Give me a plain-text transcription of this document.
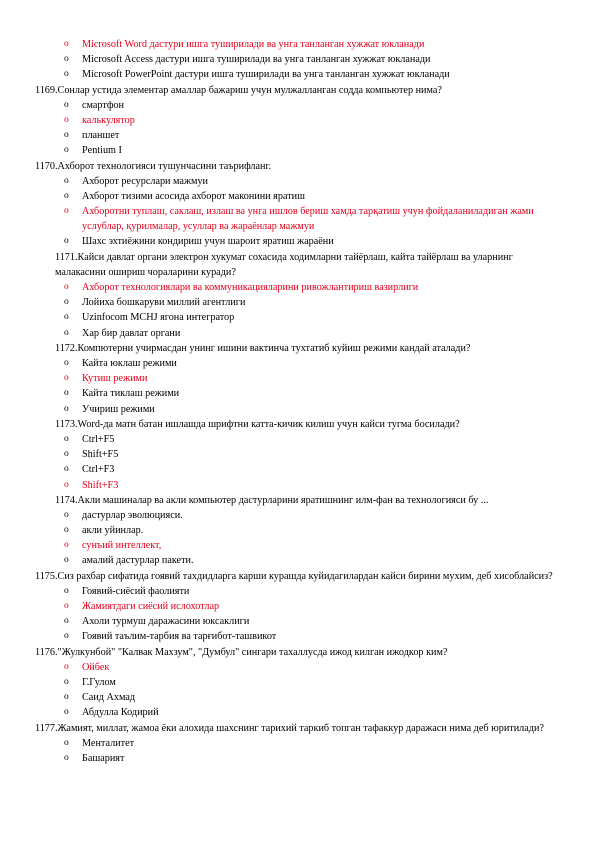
o Microsoft Word дастури ишга туширилади ва унга танланган хужжат юкланади
o Microsoft Access дастури ишга туширилади ва унга танланган хужжат юкланади
o Microsoft PowerPoint дастури ишга туширилади ва унга танланган хужжат юкланади
1169.Сонлар устида элементар амаллар бажариш учун мулжалланган содда компьютер нима?
o смартфон
o калькулятор
o планшет
o Pentium I
1170.Ахборот технологияси тушунчасини таърифланг.
o Ахборот ресурслари мажмуи
o Ахборот тизими асосида ахборот маконини яратиш
o Ахборотни туплаш, саклаш, излаш ва унга ишлов бериш хамда тарқатиш учун фойдаланиладиган жами услублар, қурилмалар, усуллар ва жараёнлар мажмуи
o Шахс эхтиёжини кондириш учун шароит яратиш жараёни
1171.Кайси давлат органи электрон хукумат сохасида ходимларни тайёрлаш, кайта тайёрлаш ва уларнинг малакасини ошириш чораларини куради?
o Ахборот технологиялари ва коммуникацияларини ривожлантириш вазирлиги
o Лойиха бошкаруви миллий агентлиги
o Uzinfocom МСHJ ягона интегратор
o Хар бир давлат органи
1172.Компютерни учирмасдан унинг ишини вактинча тухтатиб куйиш режими кандай аталади?
o Кайта юклаш режими
o Кутиш режими
o Кайта тиклаш режими
o Учириш режими
1173.Word-да матн батан ишлашда шрифтни катта-кичик килиш учун кайси тугма босилади?
o Ctrl+F5
o Shift+F5
o Ctrl+F3
o Shift+F3
1174.Акли машиналар ва акли компьютер дастурларини яратишнинг илм-фан ва технологияси бу ...
o дастурлар эволюцияси.
o акли уйинлар.
o сунъий интеллект,
o амалий дастурлар пакети.
1175.Сиз рахбар сифатида гоявий тахдидларга карши курашда куйидагилардан кайси бирини мухим, деб хисоблайсиз?
o Гоявий-сиёсий фаолияти
o Жамиятдаги сиёсий ислохотлар
o Ахоли турмуш даражасини юксаклиги
o Гоявий таълим-тарбия ва тарғибот-ташвикот
1176."Жулкунбой" "Калвак Махзум", "Думбул" сингари тахаллусда ижод килган ижодкор ким?
o Ойбек
o Г.Гулом
o Саид Ахмад
o Абдулла Кодирий
1177.Жамият, миллат, жамоа ёки алохида шахснинг тарихий таркиб топган тафаккур даражаси нима деб юритилади?
o Менталитет
o Башарият
